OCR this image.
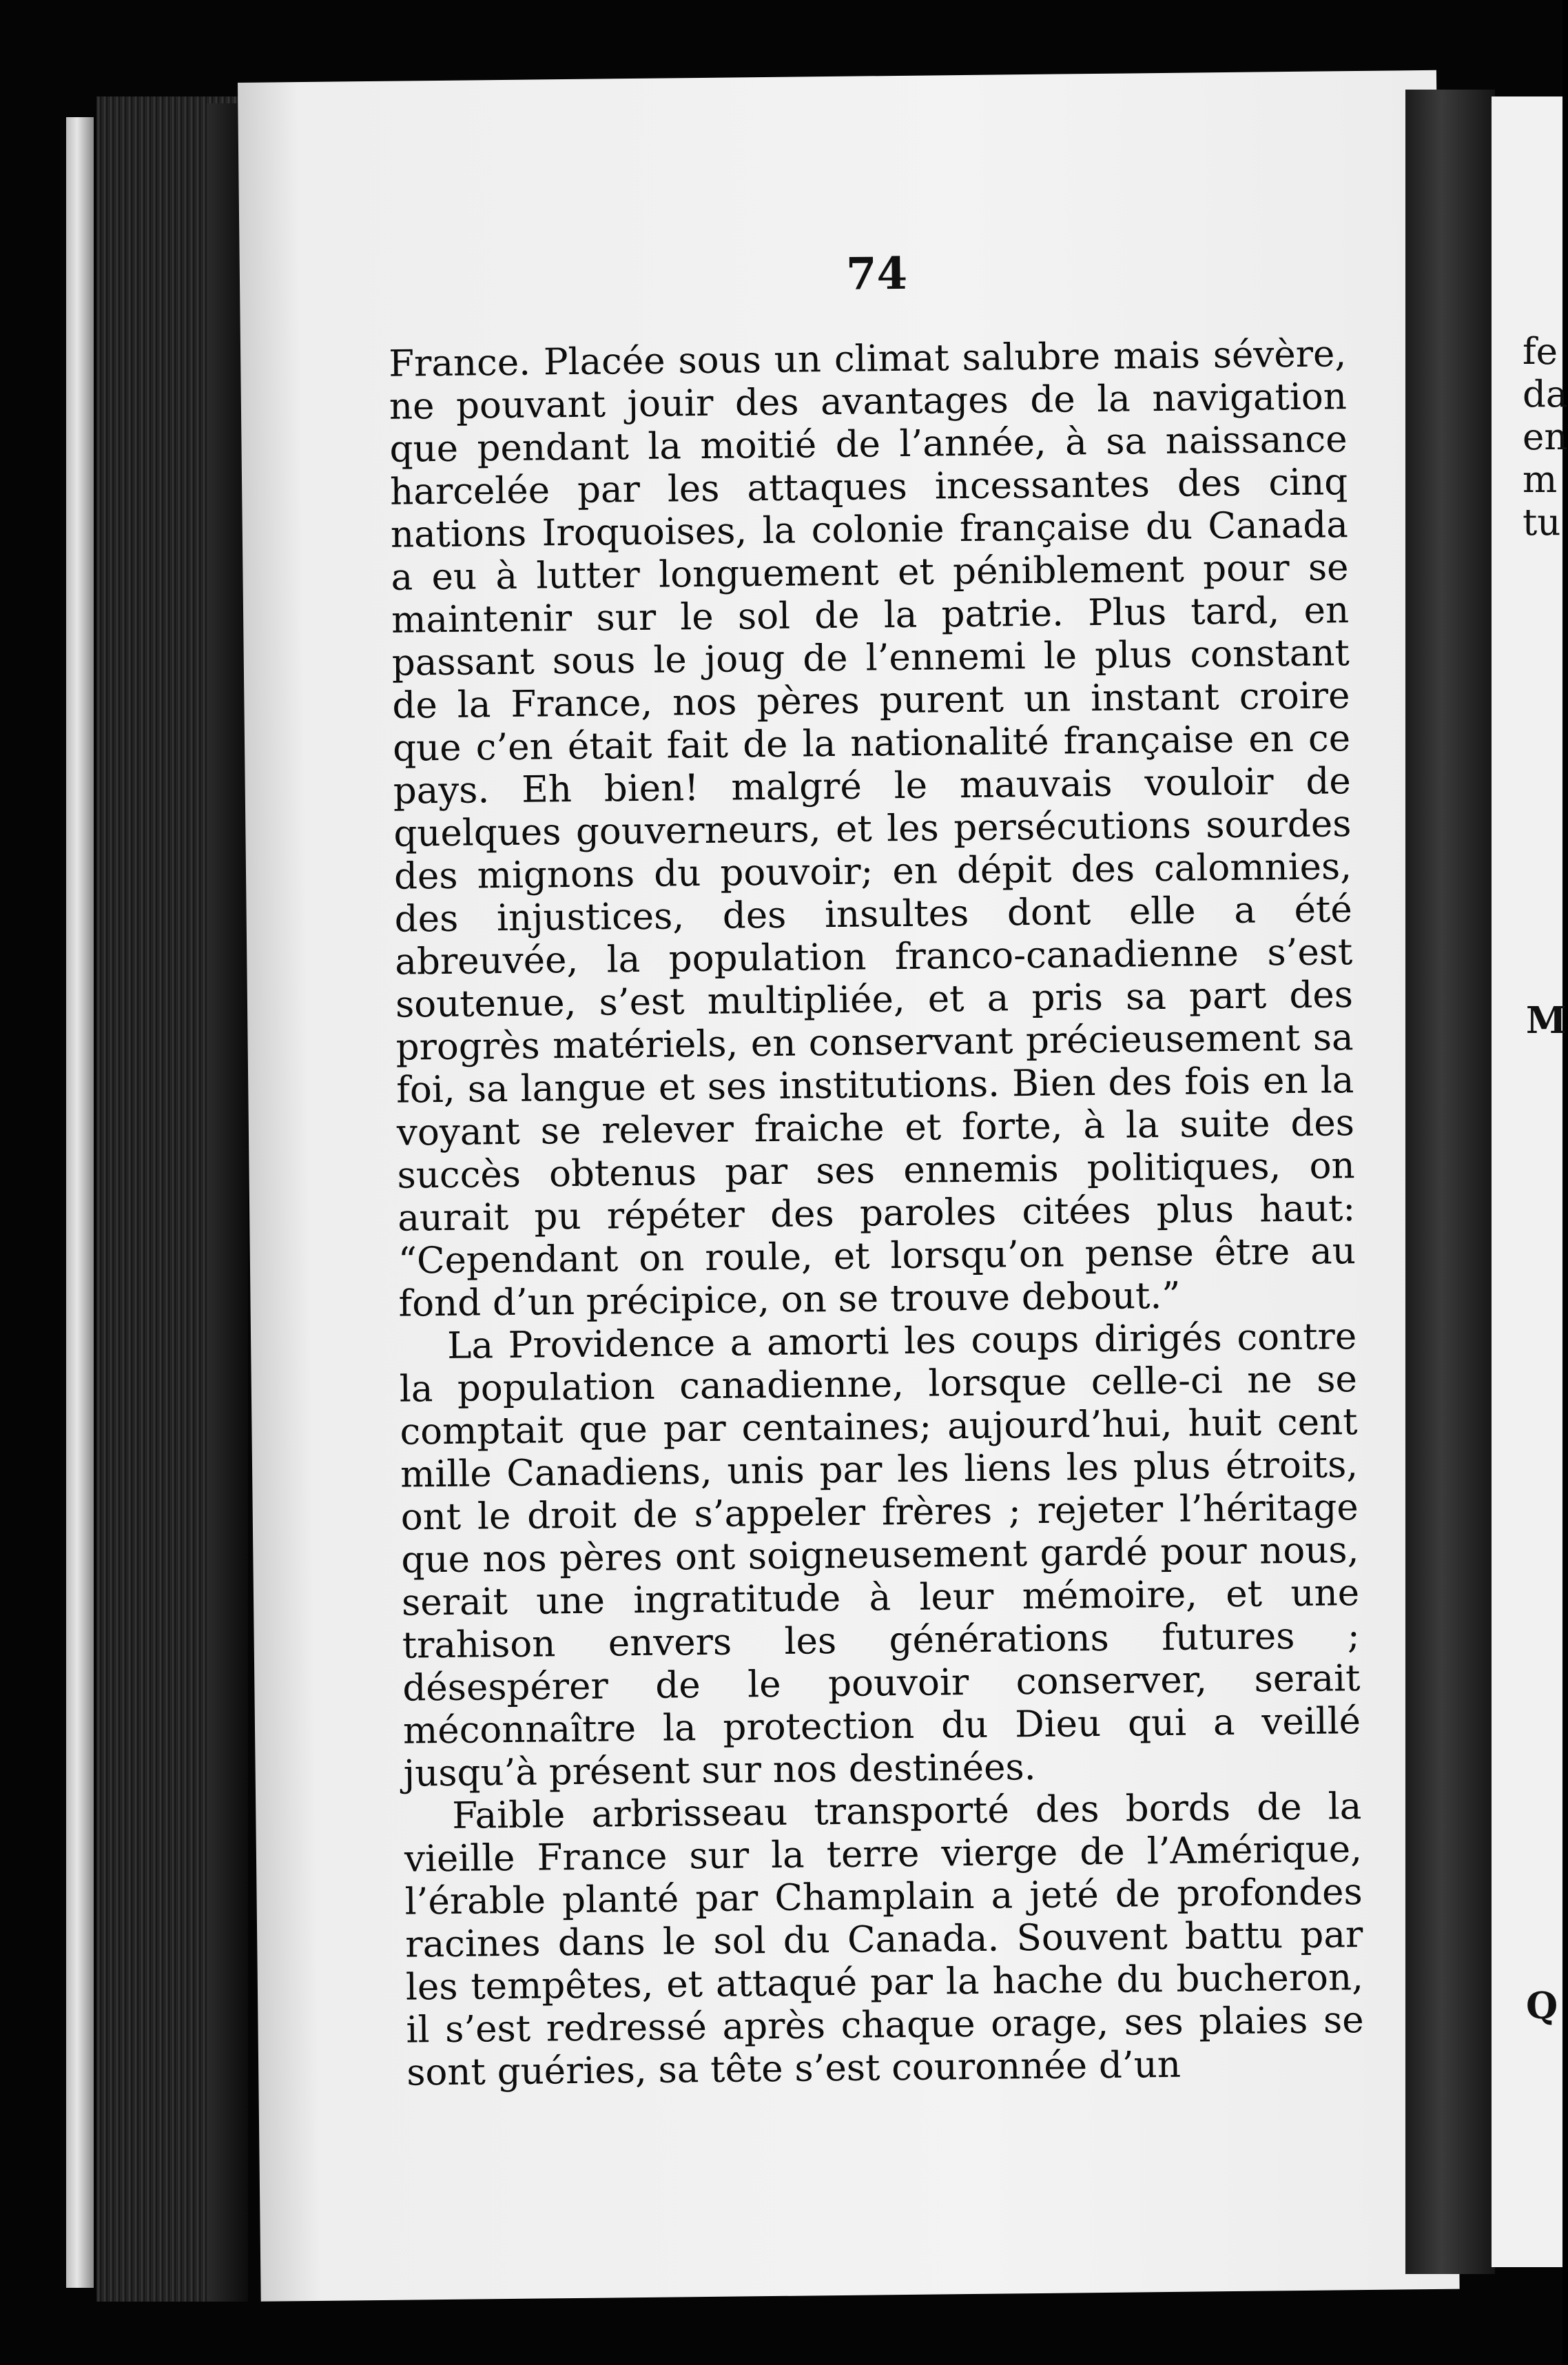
74

France. Placée sous un climat salubre mais sévère, ne pouvant jouir des avantages de la navigation que pendant la moitié de l’année, à sa naissance harcelée par les attaques incessantes des cinq nations Iroquoises, la colonie française du Canada a eu à lutter longuement et péniblement pour se maintenir sur le sol de la patrie. Plus tard, en passant sous le joug de l’ennemi le plus constant de la France, nos pères purent un instant croire que c’en était fait de la nationalité française en ce pays. Eh bien! malgré le mauvais vouloir de quelques gouverneurs, et les persécutions sourdes des mignons du pouvoir; en dépit des calomnies, des injustices, des insultes dont elle a été abreuvée, la population franco-canadienne s’est soutenue, s’est multipliée, et a pris sa part des progrès matériels, en conservant précieusement sa foi, sa langue et ses institutions. Bien des fois en la voyant se relever fraiche et forte, à la suite des succès obtenus par ses ennemis politiques, on aurait pu répéter des paroles citées plus haut: “Cependant on roule, et lorsqu’on pense être au fond d’un précipice, on se trouve debout.”

La Providence a amorti les coups dirigés contre la population canadienne, lorsque celle-ci ne se comptait que par centaines; aujourd’hui, huit cent mille Canadiens, unis par les liens les plus étroits, ont le droit de s’appeler frères ; rejeter l’héritage que nos pères ont soigneusement gardé pour nous, serait une ingratitude à leur mémoire, et une trahison envers les générations futures ; désespérer de le pouvoir conserver, serait méconnaître la protection du Dieu qui a veillé jusqu’à présent sur nos destinées.

Faible arbrisseau transporté des bords de la vieille France sur la terre vierge de l’Amérique, l’érable planté par Champlain a jeté de profondes racines dans le sol du Canada. Souvent battu par les tempêtes, et attaqué par la hache du bucheron, il s’est redressé après chaque orage, ses plaies se sont guéries, sa tête s’est couronnée d’un

fe
da
en
m
tu
M
Q
